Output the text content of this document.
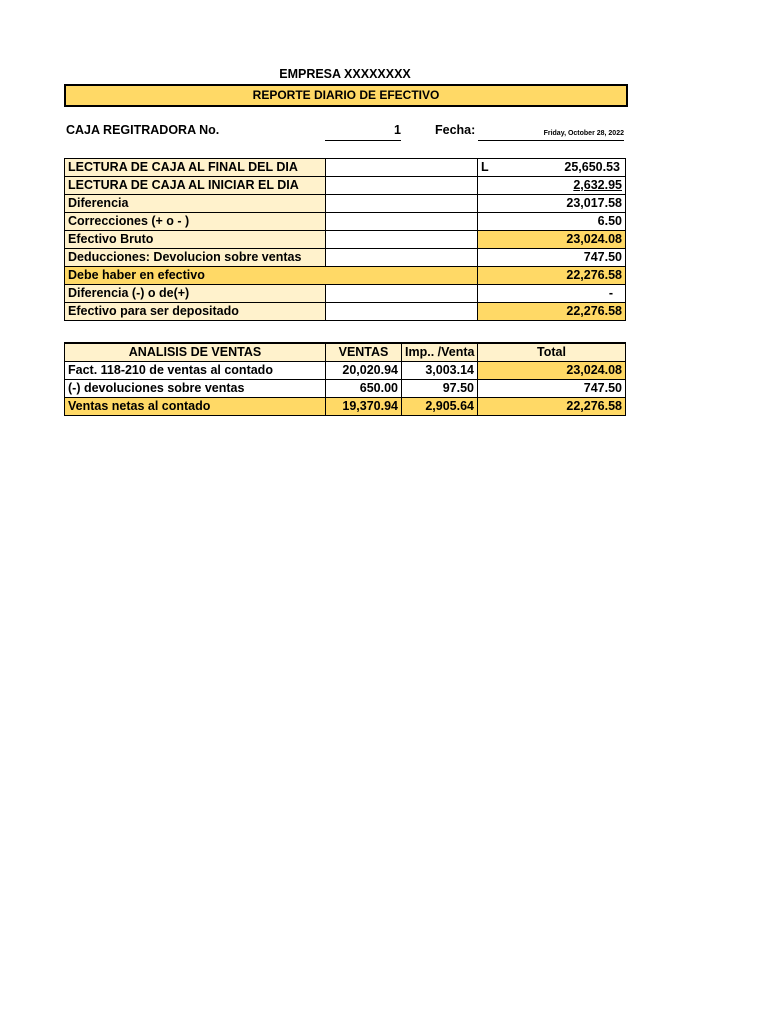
EMPRESA XXXXXXXX
REPORTE DIARIO DE EFECTIVO
CAJA REGITRADORA No.	1	Fecha:	Friday, October 28, 2022
LECTURA DE CAJA AL FINAL DEL DIA		L 25,650.53

LECTURA DE CAJA AL INICIAR EL DIA		2,632.95
Diferencia		23,017.58
Correcciones (+ o - )		6.50
Efectivo Bruto		23,024.08
Deducciones: Devolucion sobre ventas		747.50
Debe haber en efectivo		22,276.58
Diferencia (-) o de(+)		-
Efectivo para ser depositado		22,276.58

ANALISIS DE VENTAS	VENTAS	Imp.. /Venta	Total
Fact. 118-210 de ventas al contado	20,020.94	3,003.14	23,024.08
(-) devoluciones sobre ventas	650.00	97.50	747.50
Ventas netas al contado	19,370.94	2,905.64	22,276.58
